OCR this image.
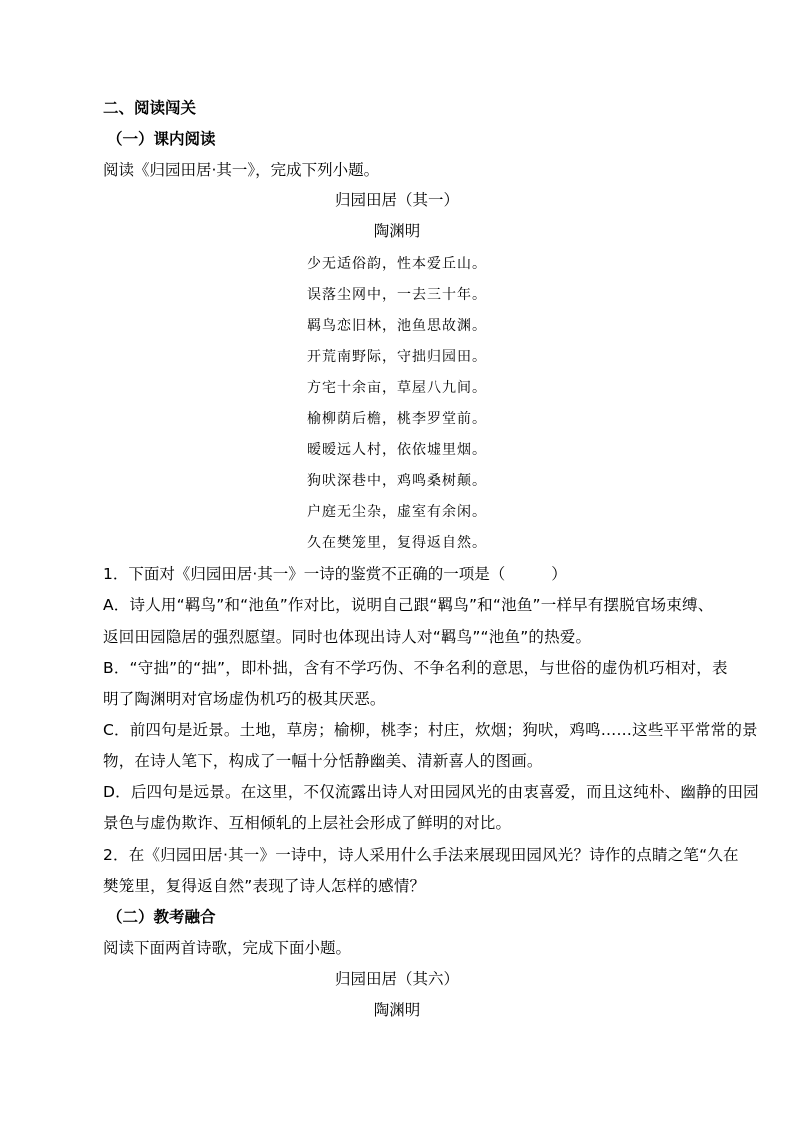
二、阅读闯关
（一）课内阅读
阅读《归园田居·其一》，完成下列小题。
归园田居（其一）
陶渊明
少无适俗韵，性本爱丘山。
误落尘网中，一去三十年。
羁鸟恋旧林，池鱼思故渊。
开荒南野际，守拙归园田。
方宅十余亩，草屋八九间。
榆柳荫后檐，桃李罗堂前。
暧暧远人村，依依墟里烟。
狗吠深巷中，鸡鸣桑树颠。
户庭无尘杂，虚室有余闲。
久在樊笼里，复得返自然。
1．下面对《归园田居·其一》一诗的鉴赏不正确的一项是（	）
A．诗人用“羁鸟”和“池鱼”作对比，说明自己跟“羁鸟”和“池鱼”一样早有摆脱官场束缚、
返回田园隐居的强烈愿望。同时也体现出诗人对“羁鸟”“池鱼”的热爱。
B．“守拙”的“拙”，即朴拙，含有不学巧伪、不争名利的意思，与世俗的虚伪机巧相对，表
明了陶渊明对官场虚伪机巧的极其厌恶。
C．前四句是近景。土地，草房；榆柳，桃李；村庄，炊烟；狗吠，鸡鸣……这些平平常常的景
物，在诗人笔下，构成了一幅十分恬静幽美、清新喜人的图画。
D．后四句是远景。在这里，不仅流露出诗人对田园风光的由衷喜爱，而且这纯朴、幽静的田园
景色与虚伪欺诈、互相倾轧的上层社会形成了鲜明的对比。
2．在《归园田居·其一》一诗中，诗人采用什么手法来展现田园风光？诗作的点睛之笔“久在
樊笼里，复得返自然”表现了诗人怎样的感情？
（二）教考融合
阅读下面两首诗歌，完成下面小题。
归园田居（其六）
陶渊明
